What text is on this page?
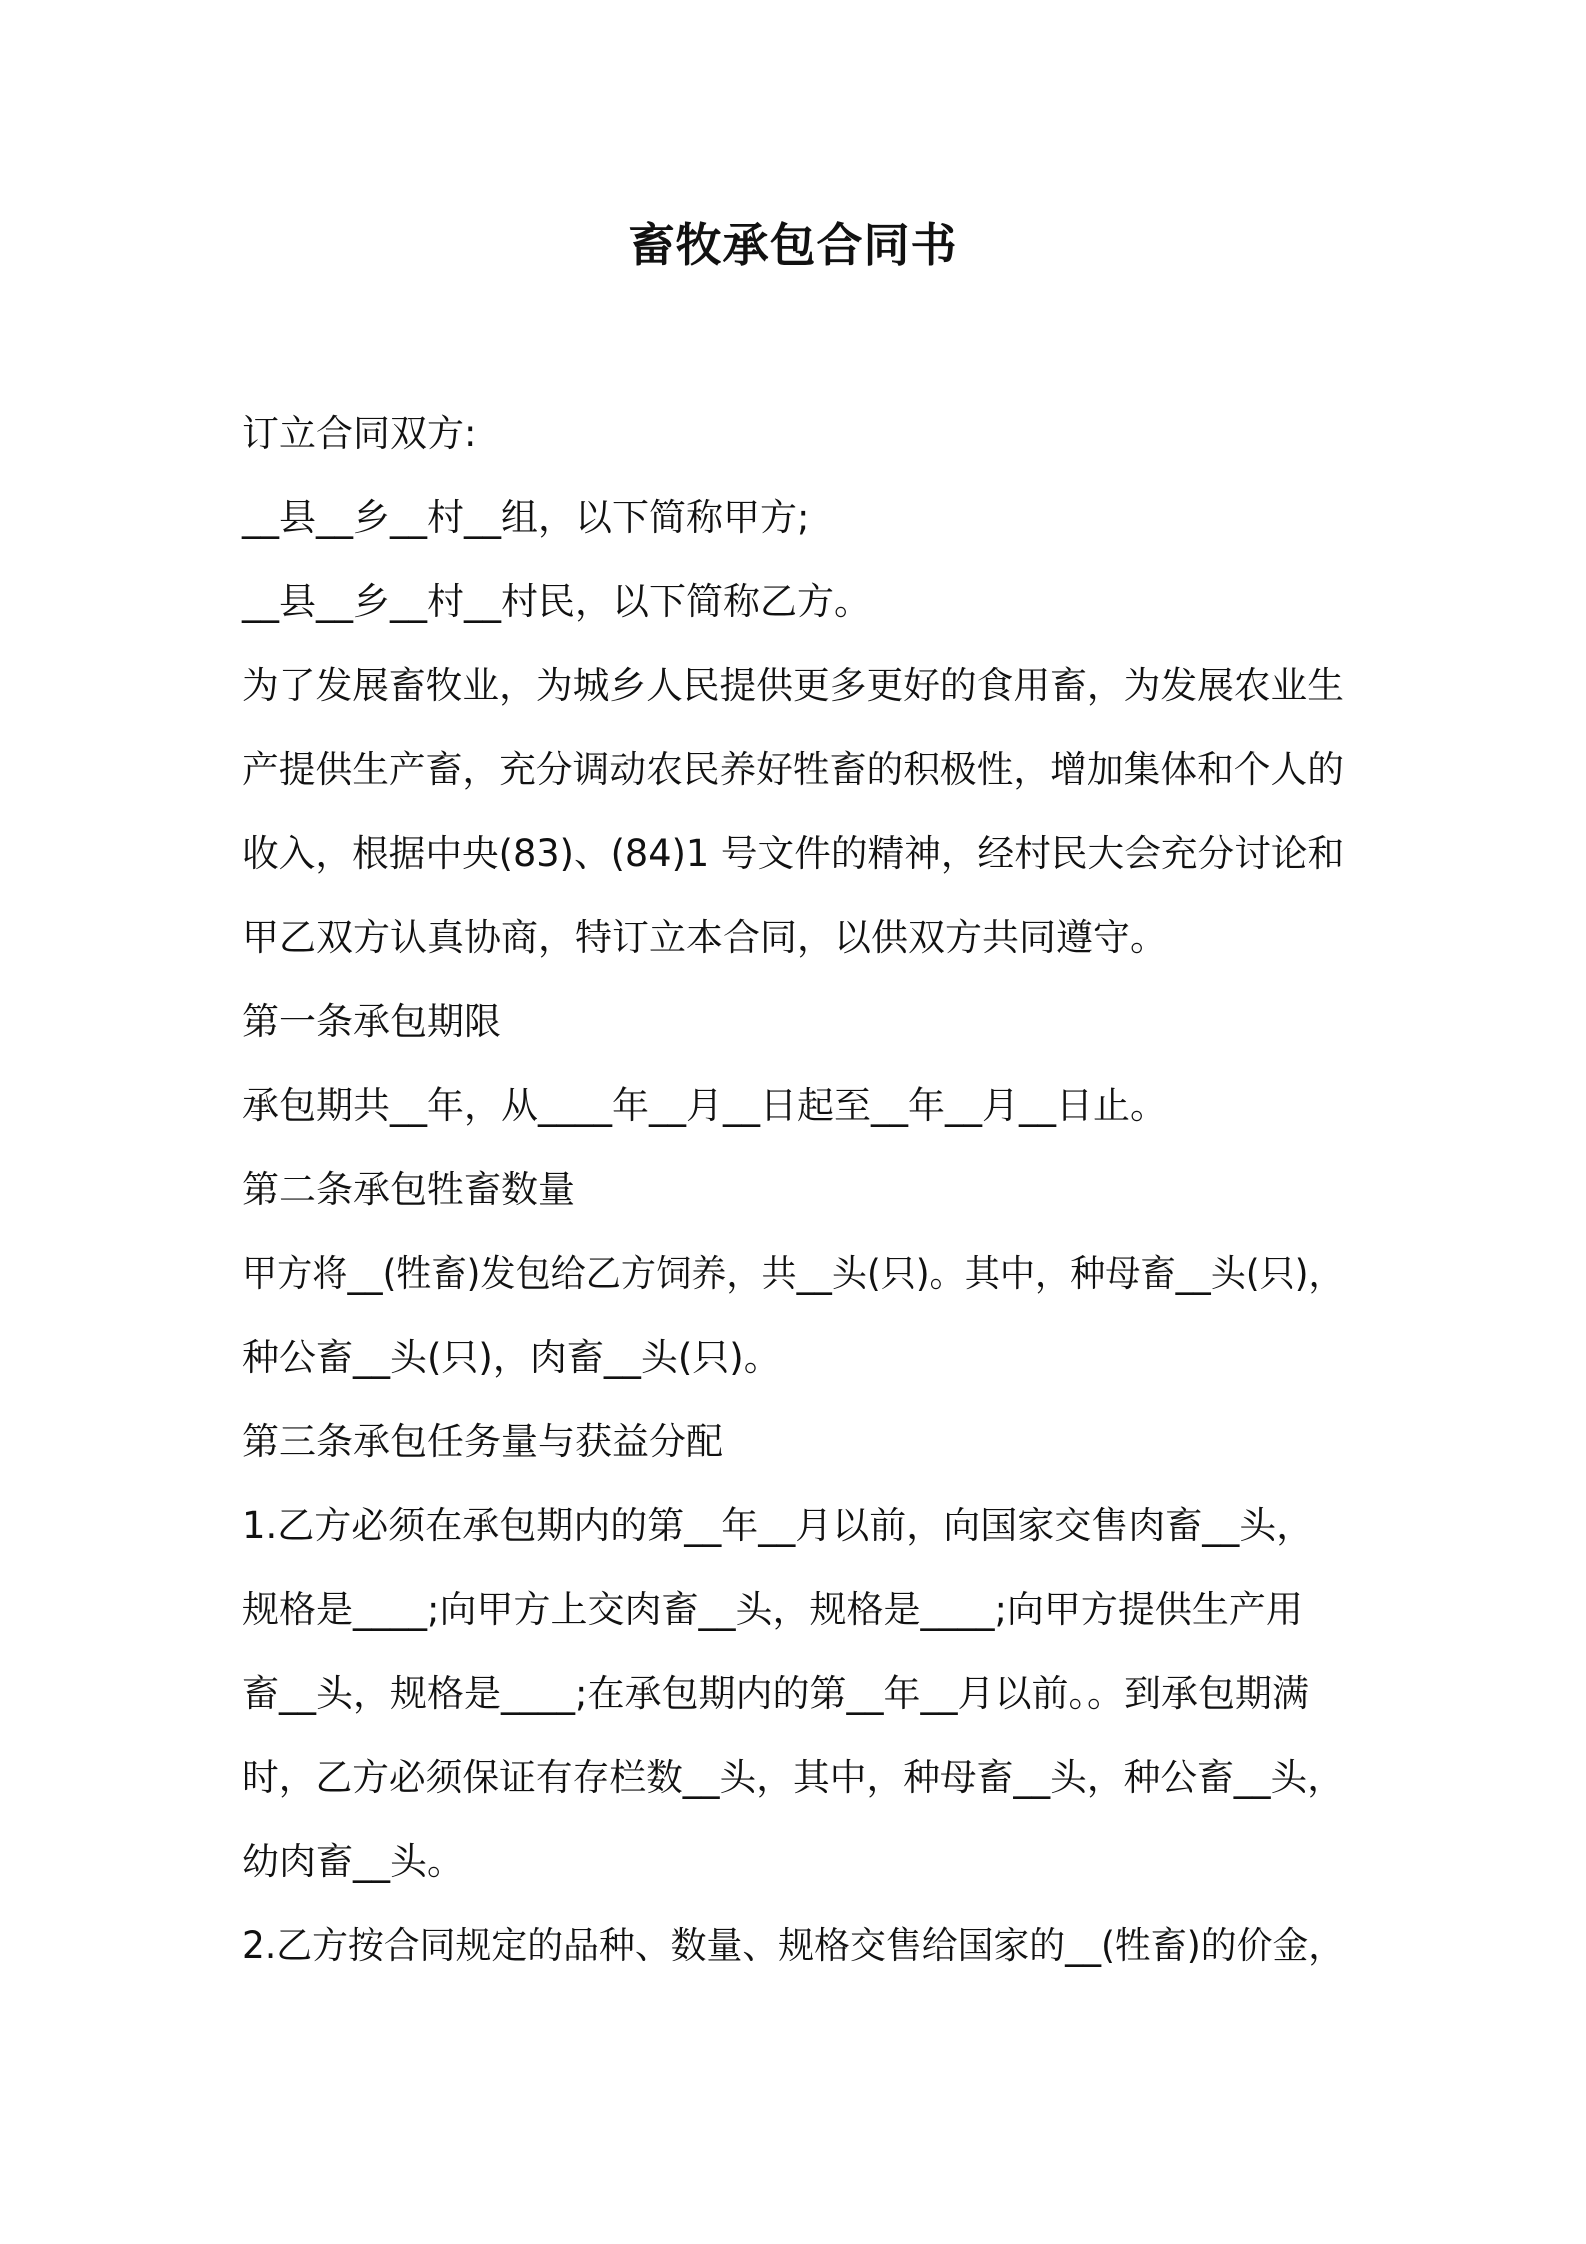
畜牧承包合同书
订立合同双方:
__县__乡__村__组，以下简称甲方;
__县__乡__村__村民，以下简称乙方。
为了发展畜牧业，为城乡人民提供更多更好的食用畜，为发展农业生
产提供生产畜，充分调动农民养好牲畜的积极性，增加集体和个人的
收入，根据中央(83)、(84)1 号文件的精神，经村民大会充分讨论和
甲乙双方认真协商，特订立本合同，以供双方共同遵守。
第一条承包期限
承包期共__年，从____年__月__日起至__年__月__日止。
第二条承包牲畜数量
甲方将__(牲畜)发包给乙方饲养，共__头(只)。其中，种母畜__头(只)，
种公畜__头(只)，肉畜__头(只)。
第三条承包任务量与获益分配
1.乙方必须在承包期内的第__年__月以前，向国家交售肉畜__头，
规格是____;向甲方上交肉畜__头，规格是____;向甲方提供生产用
畜__头，规格是____;在承包期内的第__年__月以前。。到承包期满
时，乙方必须保证有存栏数__头，其中，种母畜__头，种公畜__头，
幼肉畜__头。
2.乙方按合同规定的品种、数量、规格交售给国家的__(牲畜)的价金，
